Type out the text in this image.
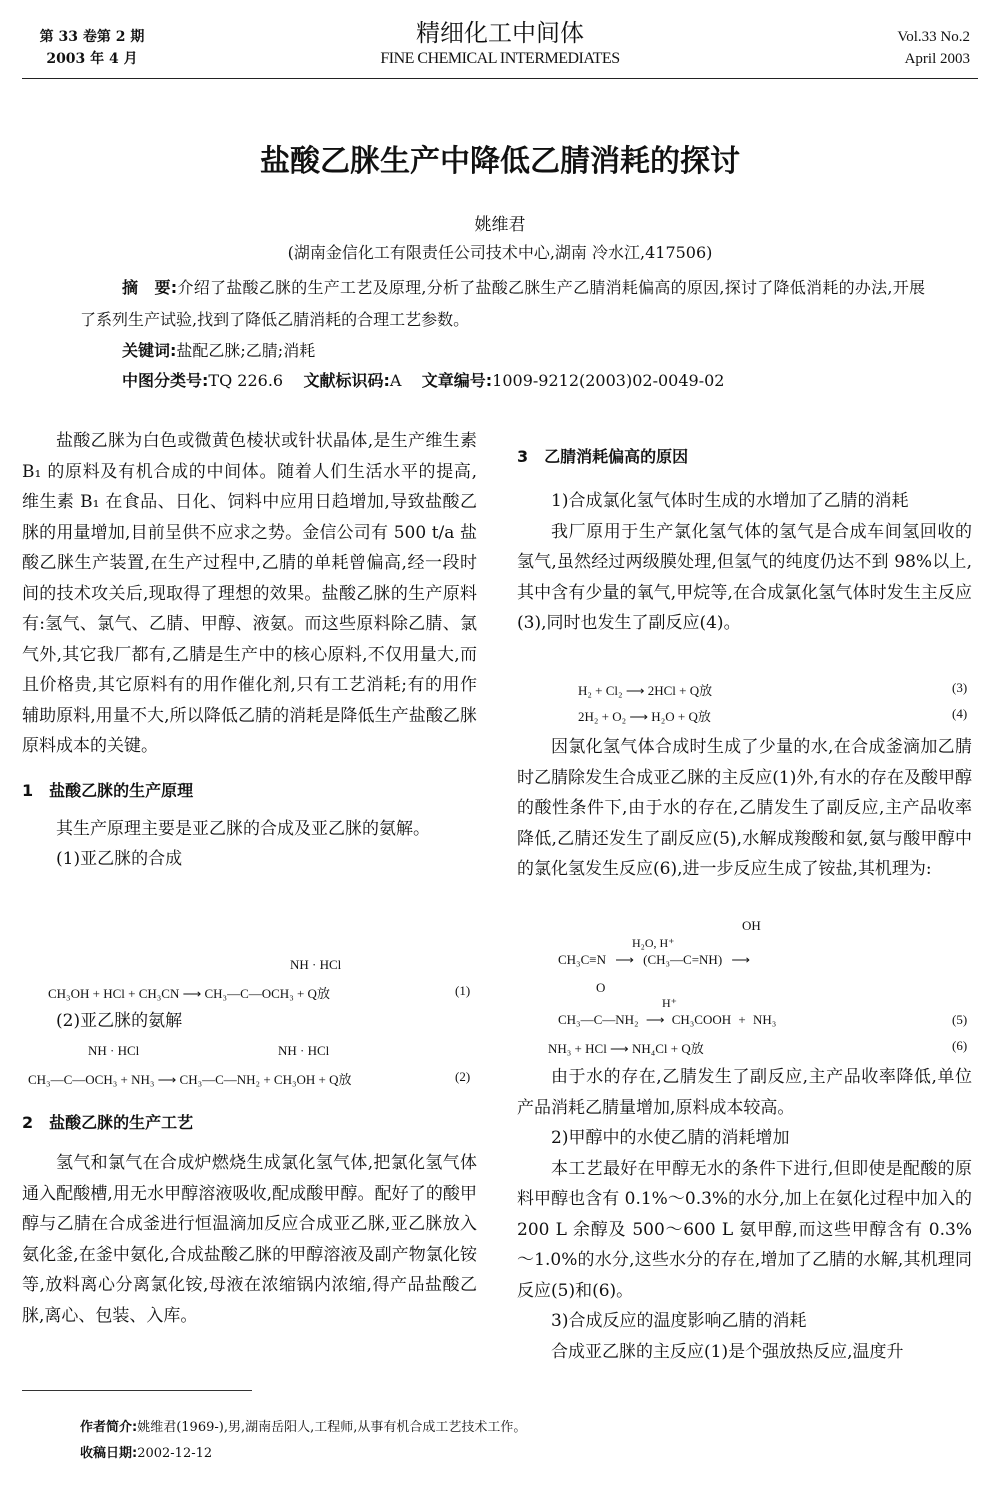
第 33 卷第 2 期
2003 年 4 月
精细化工中间体
FINE CHEMICAL INTERMEDIATES
Vol.33 No.2
April 2003
盐酸乙脒生产中降低乙腈消耗的探讨
姚维君
(湖南金信化工有限责任公司技术中心,湖南 冷水江,417506)
摘　要:介绍了盐酸乙脒的生产工艺及原理,分析了盐酸乙脒生产乙腈消耗偏高的原因,探讨了降低消耗的办法,开展了系列生产试验,找到了降低乙腈消耗的合理工艺参数。
关键词:盐配乙脒;乙腈;消耗
中图分类号:TQ 226.6 文献标识码:A 文章编号:1009-9212(2003)02-0049-02

盐酸乙脒为白色或微黄色棱状或针状晶体,是生产维生素 B₁ 的原料及有机合成的中间体。随着人们生活水平的提高,维生素 B₁ 在食品、日化、饲料中应用日趋增加,导致盐酸乙脒的用量增加,目前呈供不应求之势。金信公司有 500 t/a 盐酸乙脒生产装置,在生产过程中,乙腈的单耗曾偏高,经一段时间的技术攻关后,现取得了理想的效果。盐酸乙脒的生产原料有:氢气、氯气、乙腈、甲醇、液氨。而这些原料除乙腈、氯气外,其它我厂都有,乙腈是生产中的核心原料,不仅用量大,而且价格贵,其它原料有的用作催化剂,只有工艺消耗;有的用作辅助原料,用量不大,所以降低乙腈的消耗是降低生产盐酸乙脒原料成本的关键。

1　盐酸乙脒的生产原理

其生产原理主要是亚乙脒的合成及亚乙脒的氨解。

(1)亚乙脒的合成

NH · HCl
CH₃OH + HCl + CH₃CN ⟶ CH₃—C—OCH₃ + Q放	(1)

(2)亚乙脒的氨解

NH · HCl	NH · HCl
CH₃—C—OCH₃ + NH₃ ⟶ CH₃—C—NH₂ + CH₃OH + Q放	(2)
2　盐酸乙脒的生产工艺

氢气和氯气在合成炉燃烧生成氯化氢气体,把氯化氢气体通入配酸槽,用无水甲醇溶液吸收,配成酸甲醇。配好了的酸甲醇与乙腈在合成釜进行恒温滴加反应合成亚乙脒,亚乙脒放入氨化釜,在釜中氨化,合成盐酸乙脒的甲醇溶液及副产物氯化铵等,放料离心分离氯化铵,母液在浓缩锅内浓缩,得产品盐酸乙脒,离心、包装、入库。

3　乙腈消耗偏高的原因

1)合成氯化氢气体时生成的水增加了乙腈的消耗

我厂原用于生产氯化氢气体的氢气是合成车间氢回收的氢气,虽然经过两级膜处理,但氢气的纯度仍达不到 98%以上,其中含有少量的氧气,甲烷等,在合成氯化氢气体时发生主反应(3),同时也发生了副反应(4)。

H₂ + Cl₂ ⟶ 2HCl + Q放	(3)
2H₂ + O₂ ⟶ H₂O + Q放	(4)

因氯化氢气体合成时生成了少量的水,在合成釜滴加乙腈时乙腈除发生合成亚乙脒的主反应(1)外,有水的存在及酸甲醇的酸性条件下,由于水的存在,乙腈发生了副反应,主产品收率降低,乙腈还发生了副反应(5),水解成羧酸和氨,氨与酸甲醇中的氯化氢发生反应(6),进一步反应生成了铵盐,其机理为:

OH
H₂O, H⁺
CH₃C≡N ⟶ (CH₃—C=NH) ⟶
O
H⁺
CH₃—C—NH₂ ⟶ CH₃COOH + NH₃	(5)
NH₃ + HCl ⟶ NH₄Cl + Q放	(6)

由于水的存在,乙腈发生了副反应,主产品收率降低,单位产品消耗乙腈量增加,原料成本较高。

2)甲醇中的水使乙腈的消耗增加

本工艺最好在甲醇无水的条件下进行,但即使是配酸的原料甲醇也含有 0.1%～0.3%的水分,加上在氨化过程中加入的 200 L 余醇及 500～600 L 氨甲醇,而这些甲醇含有 0.3%～1.0%的水分,这些水分的存在,增加了乙腈的水解,其机理同反应(5)和(6)。

3)合成反应的温度影响乙腈的消耗

合成亚乙脒的主反应(1)是个强放热反应,温度升

作者简介:姚维君(1969-),男,湖南岳阳人,工程师,从事有机合成工艺技术工作。
收稿日期:2002-12-12
